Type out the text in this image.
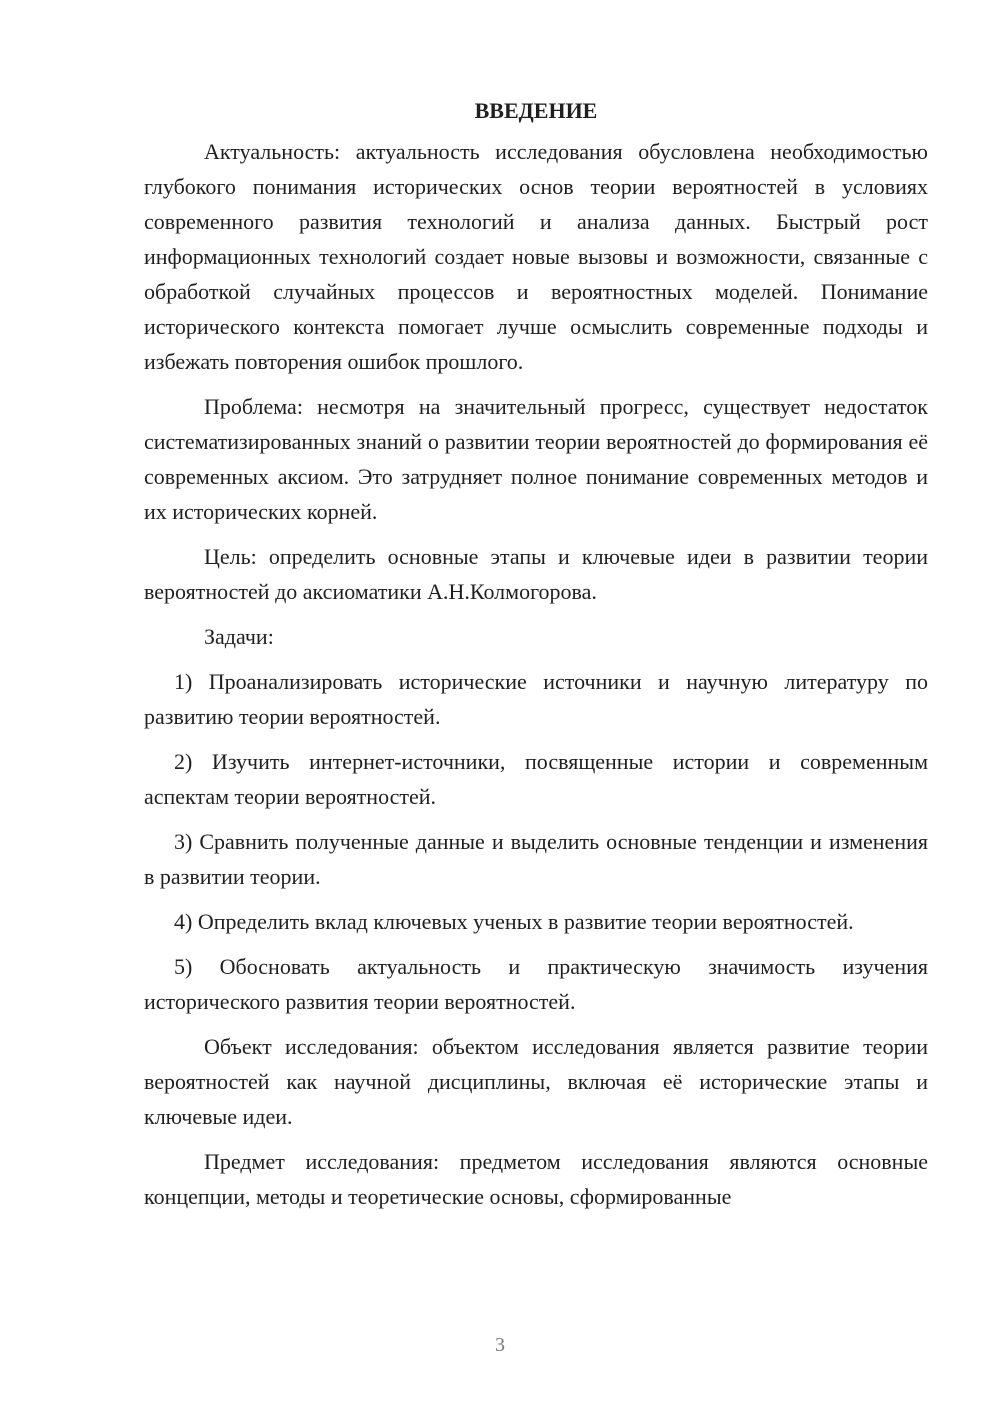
ВВЕДЕНИЕ

Актуальность: актуальность исследования обусловлена необходимостью глубокого понимания исторических основ теории вероятностей в условиях современного развития технологий и анализа данных. Быстрый рост информационных технологий создает новые вызовы и возможности, связанные с обработкой случайных процессов и вероятностных моделей. Понимание исторического контекста помогает лучше осмыслить современные подходы и избежать повторения ошибок прошлого.

Проблема: несмотря на значительный прогресс, существует недостаток систематизированных знаний о развитии теории вероятностей до формирования её современных аксиом. Это затрудняет полное понимание современных методов и их исторических корней.

Цель: определить основные этапы и ключевые идеи в развитии теории вероятностей до аксиоматики А.Н.Колмогорова.

Задачи:

1) Проанализировать исторические источники и научную литературу по развитию теории вероятностей.

2) Изучить интернет-источники, посвященные истории и современным аспектам теории вероятностей.

3) Сравнить полученные данные и выделить основные тенденции и изменения в развитии теории.

4) Определить вклад ключевых ученых в развитие теории вероятностей.

5) Обосновать актуальность и практическую значимость изучения исторического развития теории вероятностей.

Объект исследования: объектом исследования является развитие теории вероятностей как научной дисциплины, включая её исторические этапы и ключевые идеи.

Предмет исследования: предметом исследования являются основные концепции, методы и теоретические основы, сформированные

3
